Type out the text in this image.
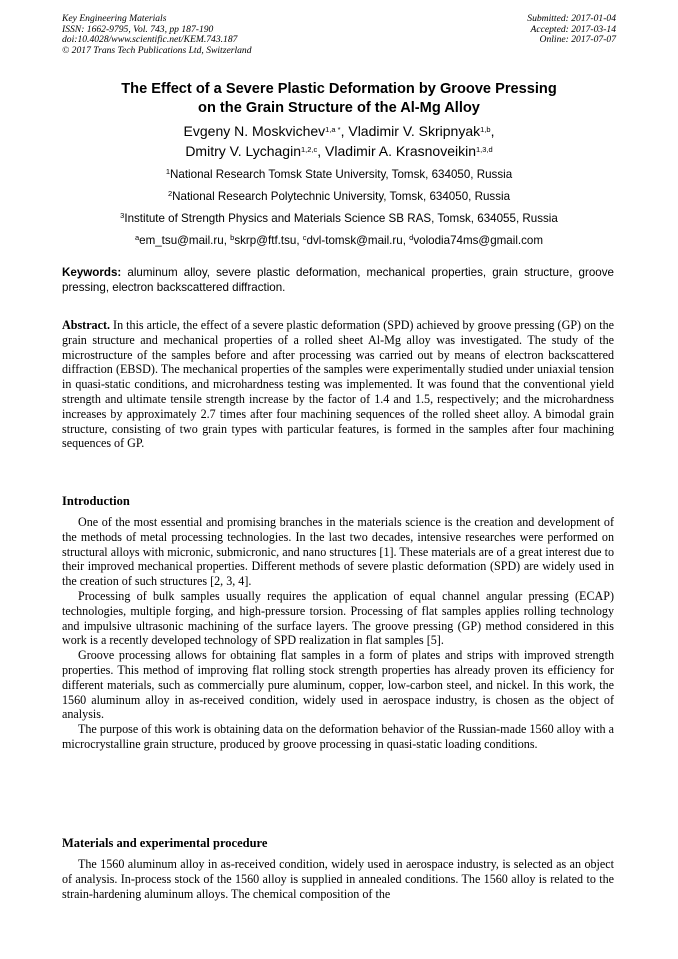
Key Engineering Materials
ISSN: 1662-9795, Vol. 743, pp 187-190
doi:10.4028/www.scientific.net/KEM.743.187
© 2017 Trans Tech Publications Ltd, Switzerland
Submitted: 2017-01-04
Accepted: 2017-03-14
Online: 2017-07-07
The Effect of a Severe Plastic Deformation by Groove Pressing
on the Grain Structure of the Al-Mg Alloy
Evgeny N. Moskvichev$^{1,a *}$, Vladimir V. Skripnyak$^{1,b}$,
Dmitry V. Lychagin$^{1,2,c}$, Vladimir A. Krasnoveikin$^{1,3,d}$
$^1$National Research Tomsk State University, Tomsk, 634050, Russia
$^2$National Research Polytechnic University, Tomsk, 634050, Russia
$^3$Institute of Strength Physics and Materials Science SB RAS, Tomsk, 634055, Russia
$^a$em_tsu@mail.ru, $^b$skrp@ftf.tsu, $^c$dvl-tomsk@mail.ru, $^d$volodia74ms@gmail.com
Keywords: aluminum alloy, severe plastic deformation, mechanical properties, grain structure, groove pressing, electron backscattered diffraction.
Abstract. In this article, the effect of a severe plastic deformation (SPD) achieved by groove pressing (GP) on the grain structure and mechanical properties of a rolled sheet Al-Mg alloy was investigated. The study of the microstructure of the samples before and after processing was carried out by means of electron backscattered diffraction (EBSD). The mechanical properties of the samples were experimentally studied under uniaxial tension in quasi-static conditions, and microhardness testing was implemented. It was found that the conventional yield strength and ultimate tensile strength increase by the factor of 1.4 and 1.5, respectively; and the microhardness increases by approximately 2.7 times after four machining sequences of the rolled sheet alloy. A bimodal grain structure, consisting of two grain types with particular features, is formed in the samples after four machining sequences of GP.
Introduction

One of the most essential and promising branches in the materials science is the creation and development of the methods of metal processing technologies. In the last two decades, intensive researches were performed on structural alloys with micronic, submicronic, and nano structures [1]. These materials are of a great interest due to their improved mechanical properties. Different methods of severe plastic deformation (SPD) are widely used in the creation of such structures [2, 3, 4].

Processing of bulk samples usually requires the application of equal channel angular pressing (ECAP) technologies, multiple forging, and high-pressure torsion. Processing of flat samples applies rolling technology and impulsive ultrasonic machining of the surface layers. The groove pressing (GP) method considered in this work is a recently developed technology of SPD realization in flat samples [5].

Groove processing allows for obtaining flat samples in a form of plates and strips with improved strength properties. This method of improving flat rolling stock strength properties has already proven its efficiency for different materials, such as commercially pure aluminum, copper, low-carbon steel, and nickel. In this work, the 1560 aluminum alloy in as-received condition, widely used in aerospace industry, is chosen as the object of analysis.

The purpose of this work is obtaining data on the deformation behavior of the Russian-made 1560 alloy with a microcrystalline grain structure, produced by groove processing in quasi-static loading conditions.

Materials and experimental procedure

The 1560 aluminum alloy in as-received condition, widely used in aerospace industry, is selected as an object of analysis. In-process stock of the 1560 alloy is supplied in annealed conditions. The 1560 alloy is related to the strain-hardening aluminum alloys. The chemical composition of the
